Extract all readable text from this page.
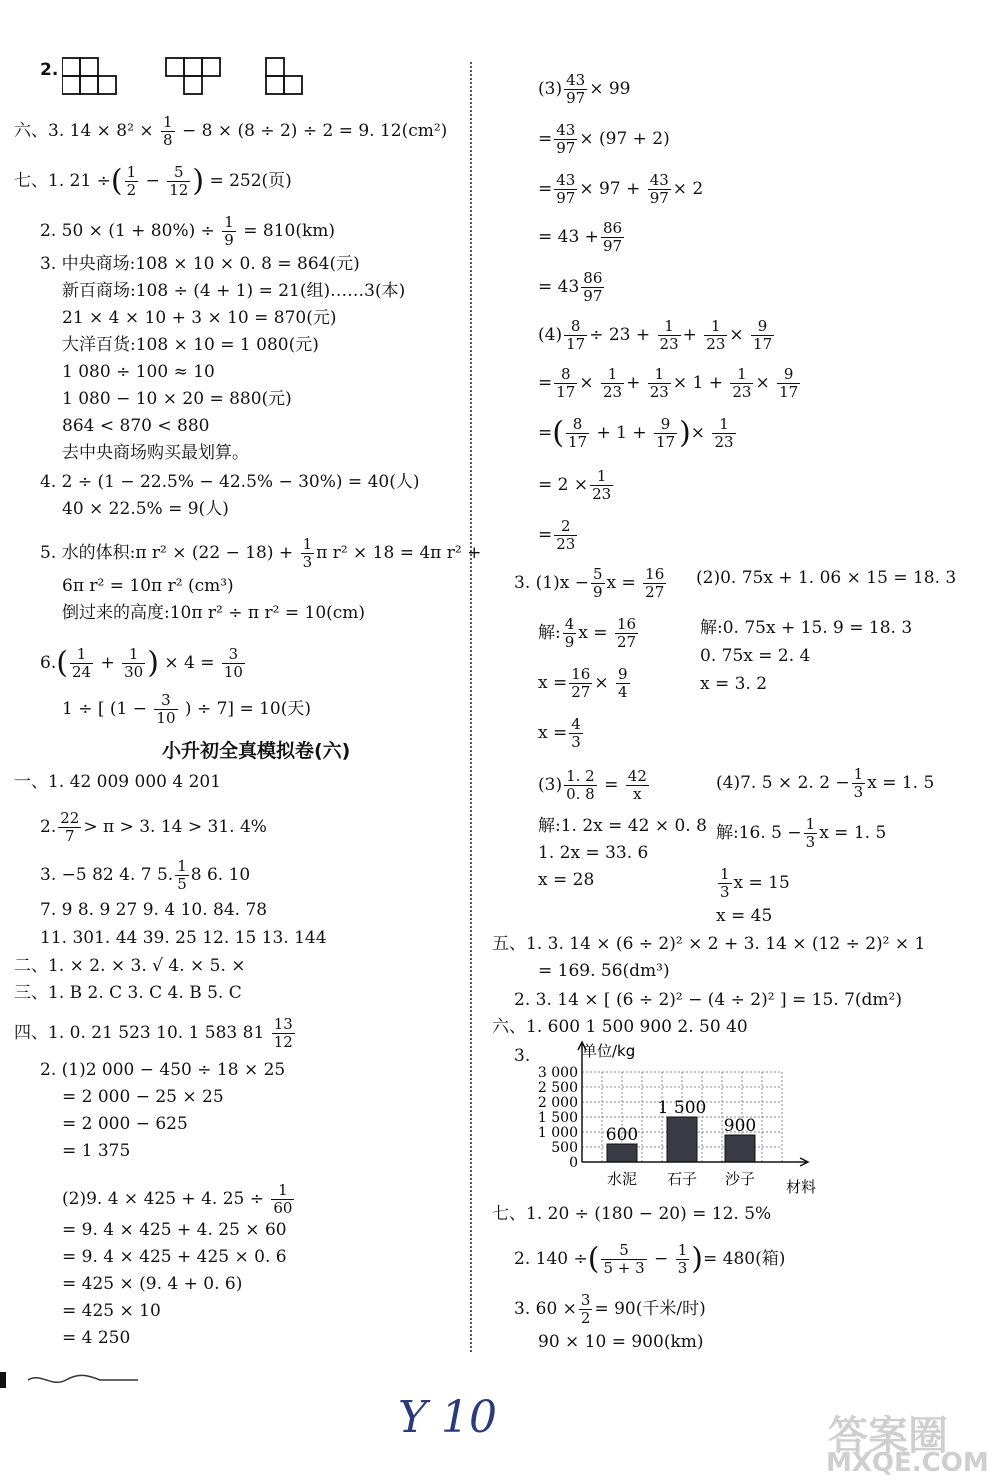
2.
六、3. $14 \times 8^2 \times \frac{1}{8} - 8 \times (8 \div 2) \div 2 = 9$. 12(cm²)
七、1. 21 ÷( $\frac{1}{2} - \frac{5}{12}$ ) = 252(页)
2. $50 \times (1 + 80\%) \div \frac{1}{9} = 810(km)$
3. 中央商场:108 × 10 × 0. 8 = 864(元)
新百商场:108 ÷ (4 + 1) = 21(组)……3(本)
21 × 4 × 10 + 3 × 10 = 870(元)
大洋百货:108 × 10 = 1 080(元)
1 080 ÷ 100 ≈ 10
1 080 − 10 × 20 = 880(元)
864 < 870 < 880
去中央商场购买最划算。
4. 2 ÷ (1 − 22.5% − 42.5% − 30%) = 40(人)
40 × 22.5% = 9(人)
5. 水的体积:π $r^2 \times (22 - 18) + \frac{1}{3}$ π r² × 18 = 4π r² +
6π r² = 10π r² (cm³)
倒过来的高度:10π r² ÷ π r² = 10(cm)
$6.( \frac{1}{24} + \frac{1}{30}$ ) × $4 = \frac{3}{10}$
1 ÷ [ ($1 - \frac{3}{10}$ ) ÷ 7] = 10(天)
小升初全真模拟卷(六)
一、1. 42 009 000 4 201
2. $\frac{22}{7} > \pi > 3$. 14 > 31. 4%
3. −5 82 4. 7 5. $\frac{1}{5} 8$ 6. 10
7. 9 8. 9 27 9. 4 10. 84. 78
11. 301. 44 39. 25 12. 15 13. 144
二、1. × 2. × 3. √ 4. × 5. ×
三、1. B 2. C 3. C 4. B 5. C
四、1. 0. 21 523 10. 1 583 $81 \frac{13}{12}$
2. (1)2 000 − 450 ÷ 18 × 25
= 2 000 − 25 × 25
= 2 000 − 625
= 1 375
(2)9. 4 × 425 + 4. $25 \div \frac{1}{60}$
= 9. 4 × 425 + 4. 25 × 60
= 9. 4 × 425 + 425 × 0. 6
= 425 × (9. 4 + 0. 6)
= 425 × 10
= 4 250
$(3) \frac{43}{97} \times 99$
= $\frac{43}{97} \times (97 + 2)$
= $\frac{43}{97} \times 97 + \frac{43}{97} \times 2$
= $43 + \frac{86}{97}$
= $43 \frac{86}{97}$
$(4) \frac{8}{17} \div 23 + \frac{1}{23} + \frac{1}{23} \times \frac{9}{17}$
= $\frac{8}{17} \times \frac{1}{23} + \frac{1}{23} \times 1 + \frac{1}{23} \times \frac{9}{17}$
=( $\frac{8}{17} + 1 + \frac{9}{17}$ )× $\frac{1}{23}$
= $2 \times \frac{1}{23}$
= $\frac{2}{23}$
3. $(1)x - \frac{5}{9}$ $x = \frac{16}{27} (2)0$. 75x + 1. 06 × 15 = 18. 3
解: $\frac{4}{9}$ $x = \frac{16}{27}$	解:0. 75x + 15. 9 = 18. 3
0. 75x = 2. 4
$x = \frac{16}{27} \times \frac{9}{4}$	x = 3. 2
$x = \frac{4}{3}$
$(3) \frac{1. 2}{0. 8} = \frac{42}{x}$	(4)7. 5 × 2. $2 - \frac{1}{3}$ x = 1. 5
解:1. 2x = 42 × 0. 8 解:16. $5 - \frac{1}{3}$ x = 1. 5
1. 2x = 33. 6
x = 28	$\frac{1}{3}$ x = 15
x = 45
五、1. 3. 14 × (6 ÷ 2)² × 2 + 3. 14 × (12 ÷ 2)² × 1
= 169. 56(dm³)
2. 3. 14 × [ (6 ÷ 2)² − (4 ÷ 2)² ] = 15. 7(dm²)
六、1. 600 1 500 900 2. 50 40
3.
0
500
1 000
1 500
2 000
2 500
3 000
600
水泥
1 500
石子
900
沙子
单位/kg
材料
七、1. 20 ÷ (180 − 20) = 12. 5%
2. 140 ÷( $\frac{5}{5 + 3} - \frac{1}{3}$ )= 480(箱)
3. $60 \times \frac{3}{2} = 90$(千米/时)
90 × 10 = 900(km)
Y 10	答案圈
MXQE.COM
